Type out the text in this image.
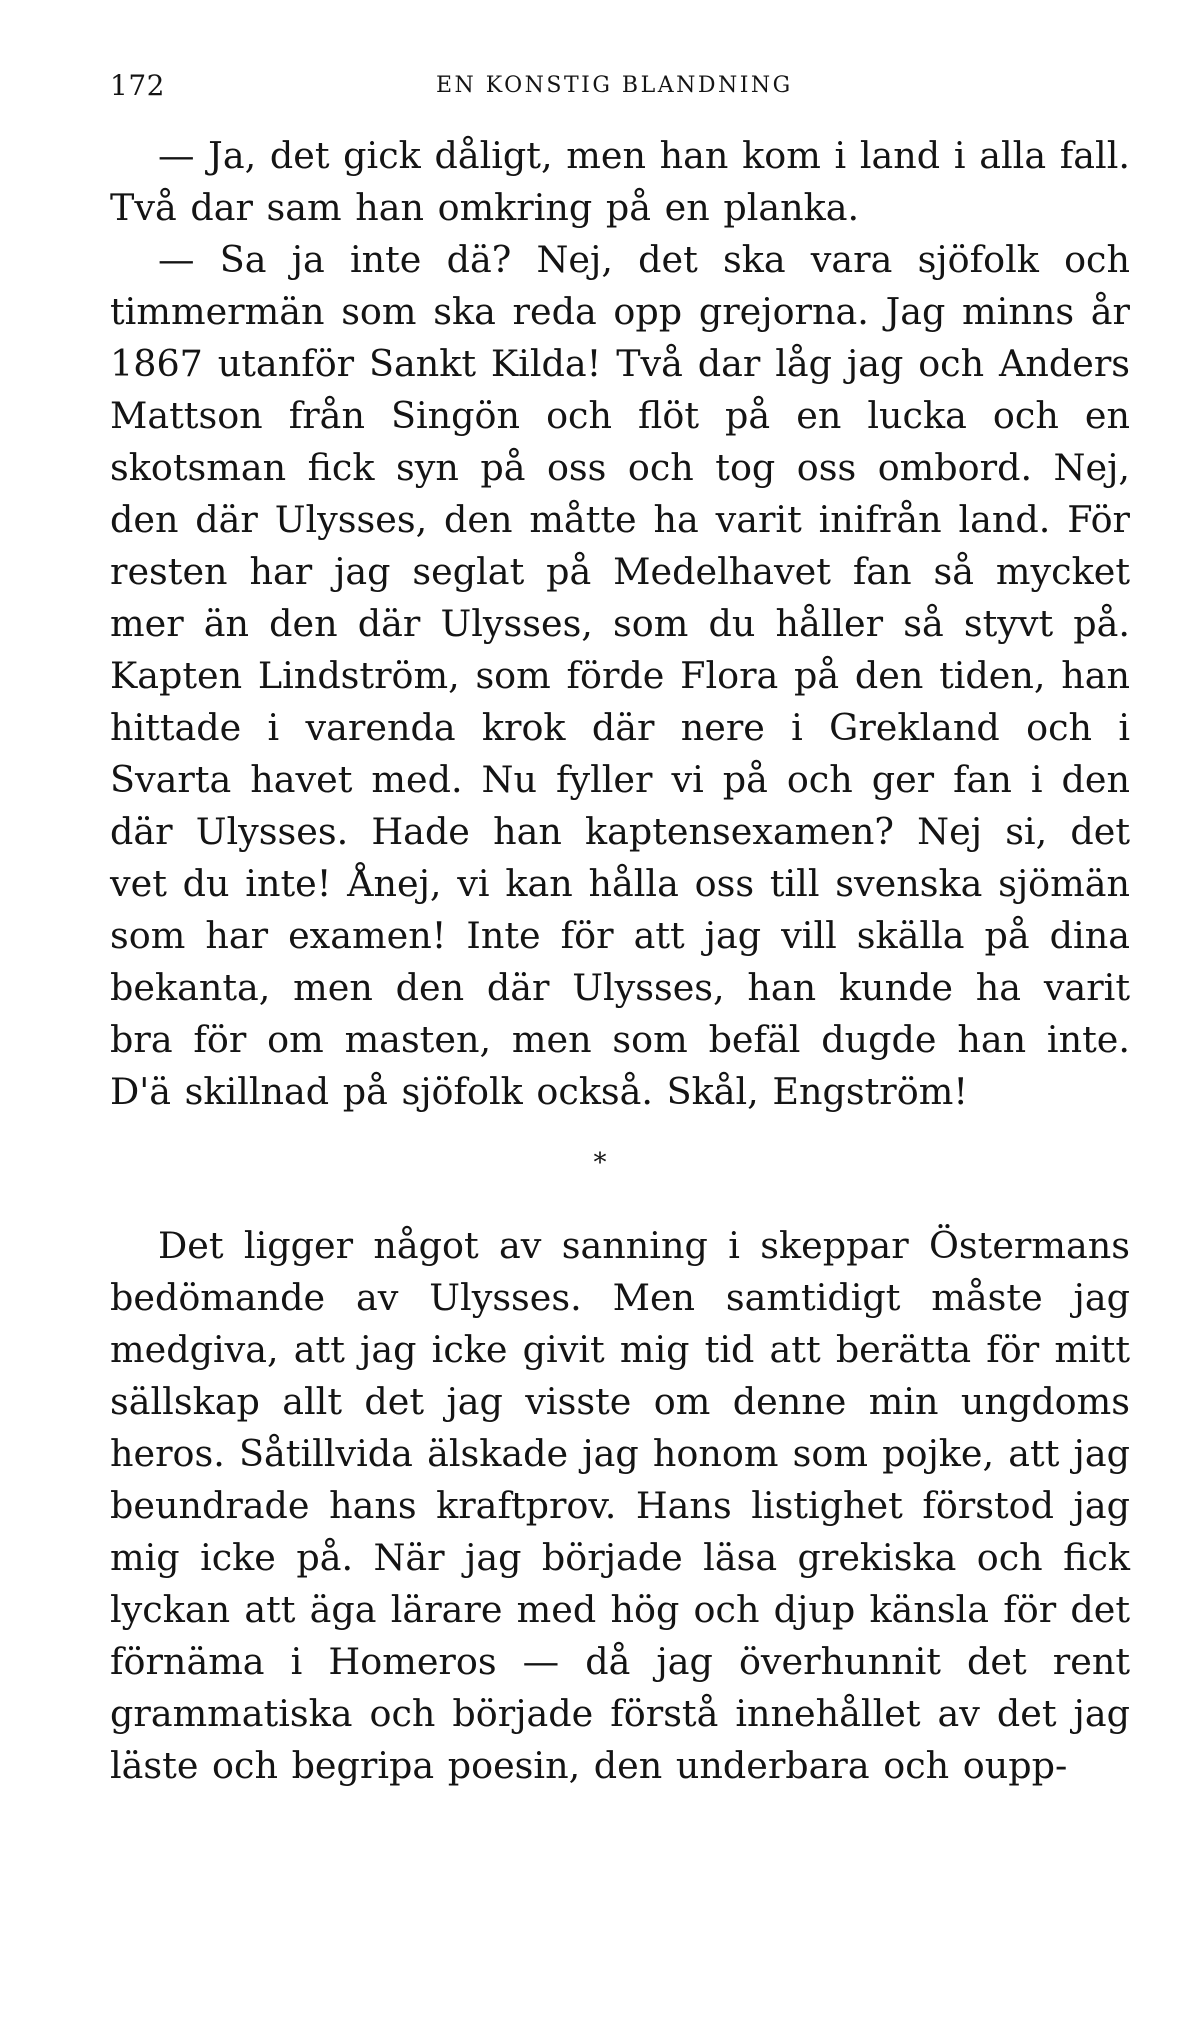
172	EN KONSTIG BLANDNING

— Ja, det gick dåligt, men han kom i land i alla fall. Två dar sam han omkring på en planka.

— Sa ja inte dä? Nej, det ska vara sjöfolk och timmermän som ska reda opp grejorna. Jag minns år 1867 utanför Sankt Kilda! Två dar låg jag och Anders Mattson från Singön och flöt på en lucka och en skotsman fick syn på oss och tog oss ombord. Nej, den där Ulysses, den måtte ha varit inifrån land. För resten har jag seglat på Medelhavet fan så mycket mer än den där Ulysses, som du håller så styvt på. Kapten Lindström, som förde Flora på den tiden, han hittade i varenda krok där nere i Grekland och i Svarta havet med. Nu fyller vi på och ger fan i den där Ulysses. Hade han kaptensexamen? Nej si, det vet du inte! Ånej, vi kan hålla oss till svenska sjömän som har examen! Inte för att jag vill skälla på dina bekanta, men den där Ulysses, han kunde ha varit bra för om masten, men som befäl dugde han inte. D'ä skillnad på sjöfolk också. Skål, Engström!

*

Det ligger något av sanning i skeppar Östermans bedömande av Ulysses. Men samtidigt måste jag medgiva, att jag icke givit mig tid att berätta för mitt sällskap allt det jag visste om denne min ungdoms heros. Såtillvida älskade jag honom som pojke, att jag beundrade hans kraftprov. Hans listighet förstod jag mig icke på. När jag började läsa grekiska och fick lyckan att äga lärare med hög och djup känsla för det förnäma i Homeros — då jag överhunnit det rent grammatiska och började förstå innehållet av det jag läste och begripa poesin, den underbara och oupp-
